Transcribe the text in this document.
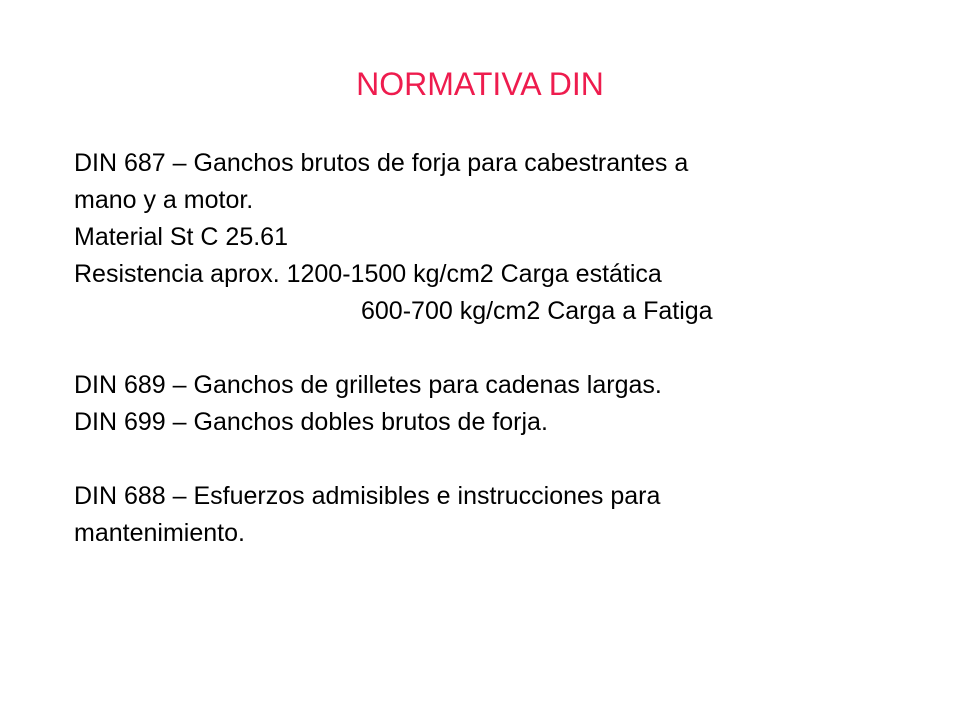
NORMATIVA DIN
DIN 687 – Ganchos brutos de forja para cabestrantes a
mano y a motor.
Material St C 25.61
Resistencia aprox. 1200-1500 kg/cm2 Carga estática
600-700 kg/cm2 Carga a Fatiga
DIN 689 – Ganchos de grilletes para cadenas largas.
DIN 699 – Ganchos dobles brutos de forja.
DIN 688 – Esfuerzos admisibles e instrucciones para
mantenimiento.
